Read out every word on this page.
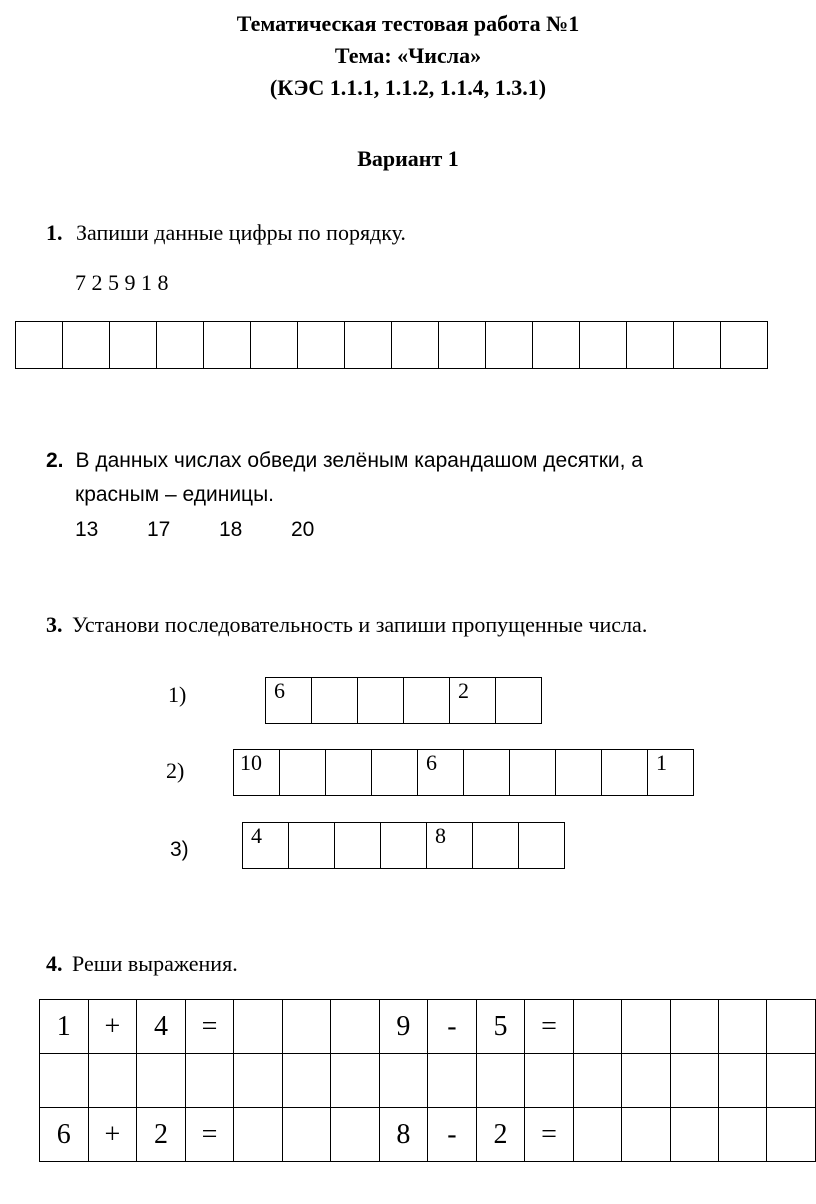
Тематическая тестовая работа №1
Тема: «Числа»
(КЭС 1.1.1, 1.1.2, 1.1.4, 1.3.1)
Вариант 1
1. Запиши данные цифры по порядку.
7 2 5 9 1 8

2. В данных числах обведи зелёным карандашом десятки, а
красным – единицы.
13 17 18 20
3. Установи последовательность и запиши пропущенные числа.
1)	6				2	
2)	10				6					1
3)
4				8		
4. Реши выражения.
1	+	4	=				9	-	5	=					

6	+	2	=				8	-	2	=					
